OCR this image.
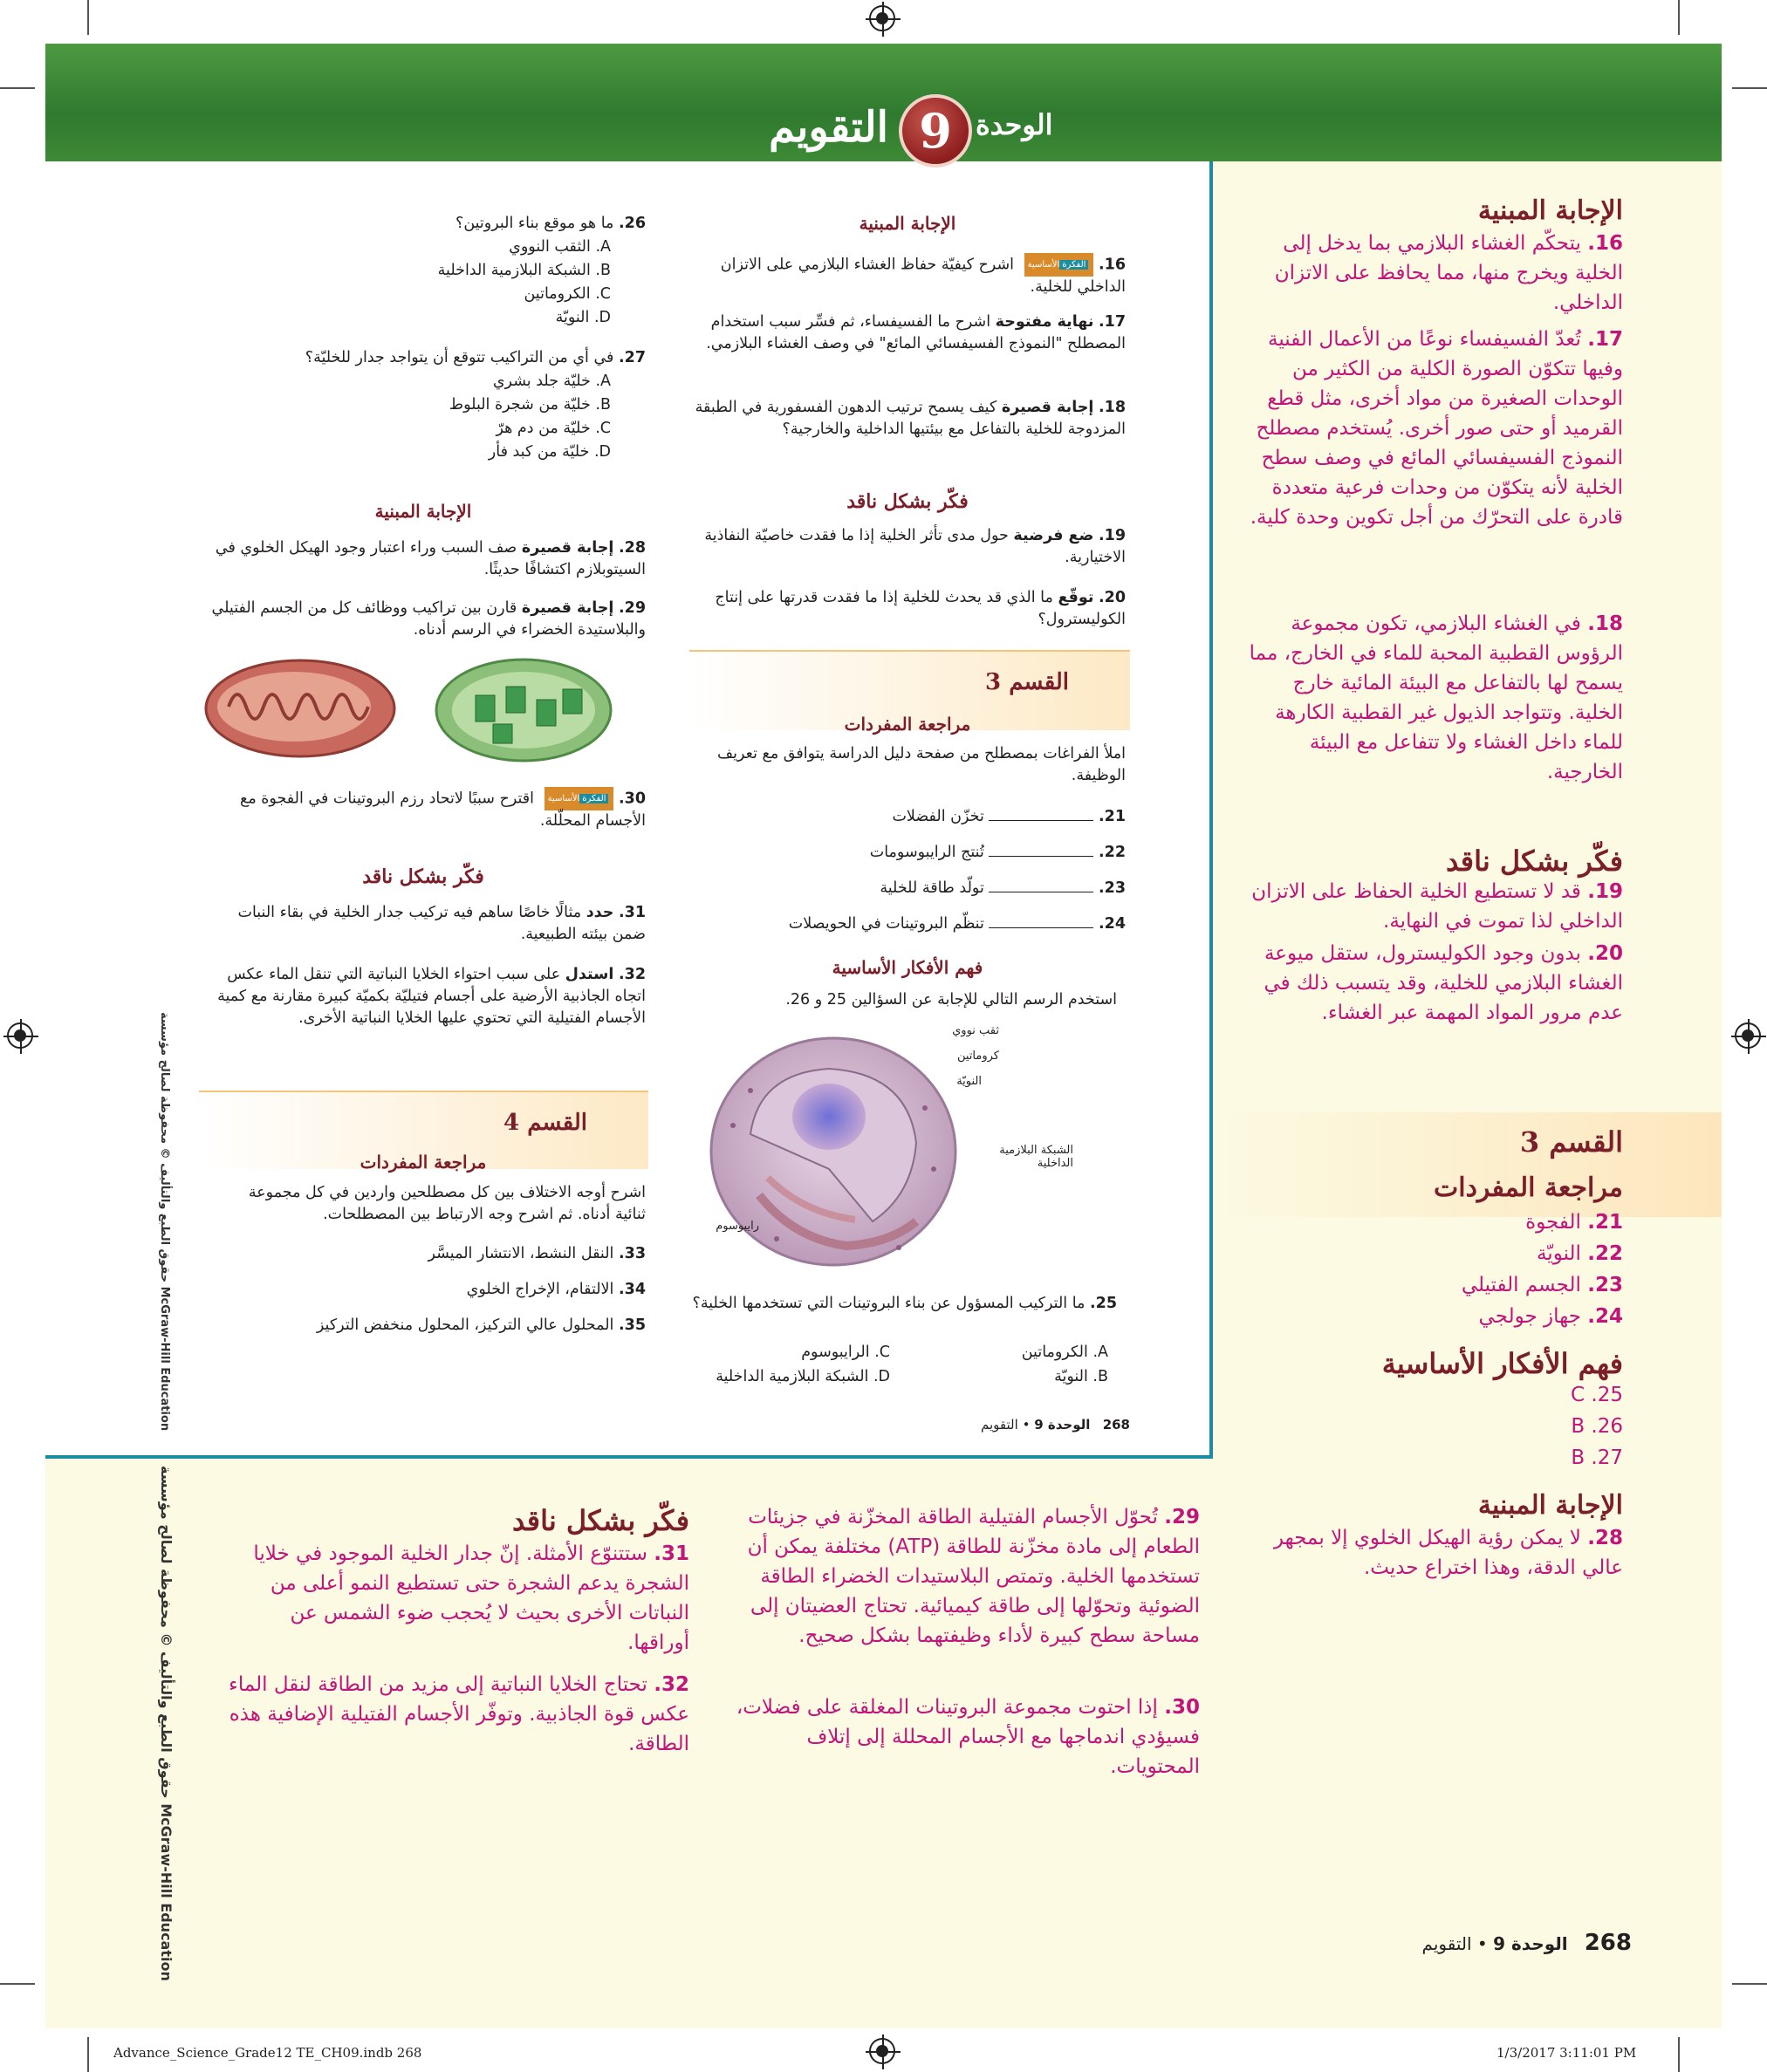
الوحدة
9
التقويم
الإجابة المبنية
16. الفكرةالأساسية اشرح كيفيّة حفاظ الغشاء البلازمي على الاتزان الداخلي للخلية.
17. نهاية مفتوحة اشرح ما الفسيفساء، ثم فسِّر سبب استخدام المصطلح "النموذج الفسيفسائي المائع" في وصف الغشاء البلازمي.
18. إجابة قصيرة كيف يسمح ترتيب الدهون الفسفورية في الطبقة المزدوجة للخلية بالتفاعل مع بيئتيها الداخلية والخارجية؟
فكّر بشكل ناقد
19. ضع فرضية حول مدى تأثر الخلية إذا ما فقدت خاصيّة النفاذية الاختيارية.
20. توقّع ما الذي قد يحدث للخلية إذا ما فقدت قدرتها على إنتاج الكوليسترول؟
القسم 3
مراجعة المفردات
املأ الفراغات بمصطلح من صفحة دليل الدراسة يتوافق مع تعريف الوظيفة.
21.  تخزّن الفضلات
22.  تُنتج الرايبوسومات
23.  تولّد طاقة للخلية
24.  تنظّم البروتينات في الحويصلات
فهم الأفكار الأساسية
استخدم الرسم التالي للإجابة عن السؤالين 25 و 26.
ثقب نووي
كروماتين
النويّة
الشبكة البلازمية الداخلية
رايبوسوم
25. ما التركيب المسؤول عن بناء البروتينات التي تستخدمها الخلية؟
A. الكروماتين
B. النويّة
C. الرايبوسوم
D. الشبكة البلازمية الداخلية
268   الوحدة 9 • التقويم
26. ما هو موقع بناء البروتين؟
A. الثقب النووي
B. الشبكة البلازمية الداخلية
C. الكروماتين
D. النويّة
27. في أي من التراكيب تتوقع أن يتواجد جدار للخليّة؟
A. خليّة جلد بشري
B. خليّة من شجرة البلوط
C. خليّة من دم هرّ
D. خليّة من كبد فأر
الإجابة المبنية
28. إجابة قصيرة صف السبب وراء اعتبار وجود الهيكل الخلوي في السيتوبلازم اكتشافًا حديثًا.
29. إجابة قصيرة قارن بين تراكيب ووظائف كل من الجسم الفتيلي والبلاستيدة الخضراء في الرسم أدناه.
30. الفكرةالأساسية اقترح سببًا لاتحاد رزم البروتينات في الفجوة مع الأجسام المحلّلة.
فكّر بشكل ناقد
31. حدد مثالًا خاصًا ساهم فيه تركيب جدار الخلية في بقاء النبات ضمن بيئته الطبيعية.
32. استدل على سبب احتواء الخلايا النباتية التي تنقل الماء عكس اتجاه الجاذبية الأرضية على أجسام فتيليّة بكميّة كبيرة مقارنة مع كمية الأجسام الفتيلية التي تحتوي عليها الخلايا النباتية الأخرى.
القسم 4
مراجعة المفردات
اشرح أوجه الاختلاف بين كل مصطلحين واردين في كل مجموعة ثنائية أدناه. ثم اشرح وجه الارتباط بين المصطلحات.
33. النقل النشط، الانتشار الميسَّر
34. الالتقام، الإخراج الخلوي
35. المحلول عالي التركيز، المحلول منخفض التركيز
حقوق الطبع والتأليف © محفوظة لصالح مؤسسة McGraw-Hill Education
حقوق الطبع والتأليف © محفوظة لصالح مؤسسة McGraw-Hill Education
الإجابة المبنية
16. يتحكّم الغشاء البلازمي بما يدخل إلى الخلية ويخرج منها، مما يحافظ على الاتزان الداخلي.
17. تُعدّ الفسيفساء نوعًا من الأعمال الفنية وفيها تتكوّن الصورة الكلية من الكثير من الوحدات الصغيرة من مواد أخرى، مثل قطع القرميد أو حتى صور أخرى. يُستخدم مصطلح النموذج الفسيفسائي المائع في وصف سطح الخلية لأنه يتكوّن من وحدات فرعية متعددة قادرة على التحرّك من أجل تكوين وحدة كلية.
18. في الغشاء البلازمي، تكون مجموعة الرؤوس القطبية المحبة للماء في الخارج، مما يسمح لها بالتفاعل مع البيئة المائية خارج الخلية. وتتواجد الذيول غير القطبية الكارهة للماء داخل الغشاء ولا تتفاعل مع البيئة الخارجية.
فكّر بشكل ناقد
19. قد لا تستطيع الخلية الحفاظ على الاتزان الداخلي لذا تموت في النهاية.
20. بدون وجود الكوليسترول، ستقل ميوعة الغشاء البلازمي للخلية، وقد يتسبب ذلك في عدم مرور المواد المهمة عبر الغشاء.
القسم 3
مراجعة المفردات
21. الفجوة
22. النويّة
23. الجسم الفتيلي
24. جهاز جولجي
فهم الأفكار الأساسية
C .25
B .26
B .27
الإجابة المبنية
28. لا يمكن رؤية الهيكل الخلوي إلا بمجهر عالي الدقة، وهذا اختراع حديث.
29. تُحوّل الأجسام الفتيلية الطاقة المخزّنة في جزيئات الطعام إلى مادة مخزّنة للطاقة (ATP) مختلفة يمكن أن تستخدمها الخلية. وتمتص البلاستيدات الخضراء الطاقة الضوئية وتحوّلها إلى طاقة كيميائية. تحتاج العضيتان إلى مساحة سطح كبيرة لأداء وظيفتهما بشكل صحيح.
30. إذا احتوت مجموعة البروتينات المغلقة على فضلات، فسيؤدي اندماجها مع الأجسام المحللة إلى إتلاف المحتويات.
فكّر بشكل ناقد
31. ستتنوّع الأمثلة. إنّ جدار الخلية الموجود في خلايا الشجرة يدعم الشجرة حتى تستطيع النمو أعلى من النباتات الأخرى بحيث لا يُحجب ضوء الشمس عن أوراقها.
32. تحتاج الخلايا النباتية إلى مزيد من الطاقة لنقل الماء عكس قوة الجاذبية. وتوفّر الأجسام الفتيلية الإضافية هذه الطاقة.
268   الوحدة 9 • التقويم
Advance_Science_Grade12 TE_CH09.indb 268	1/3/2017 3:11:01 PM
